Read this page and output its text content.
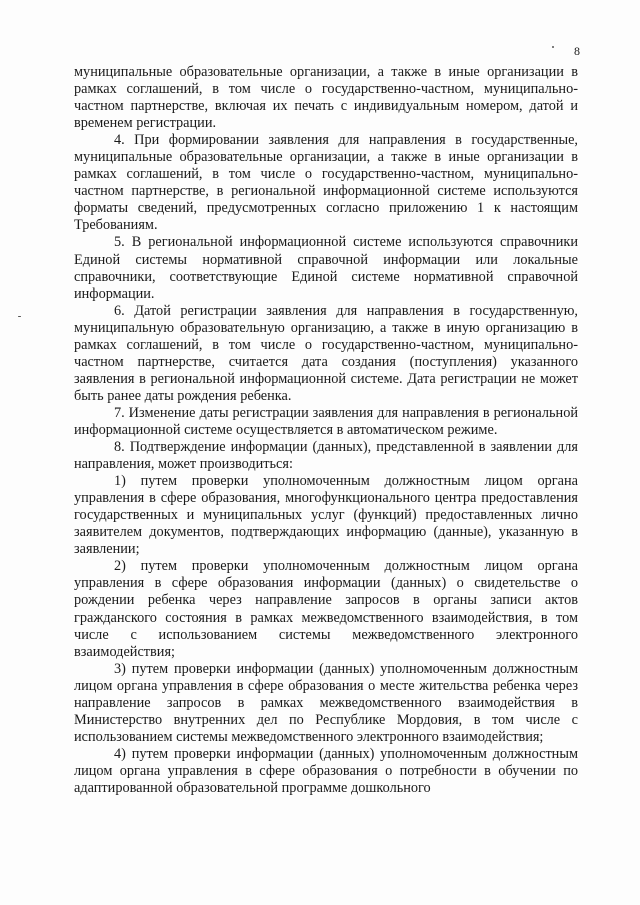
8

муниципальные образовательные организации, а также в иные организации в рамках соглашений, в том числе о государственно-частном, муниципально-частном партнерстве, включая их печать с индивидуальным номером, датой и временем регистрации.

4. При формировании заявления для направления в государственные, муниципальные образовательные организации, а также в иные организации в рамках соглашений, в том числе о государственно-частном, муниципально-частном партнерстве, в региональной информационной системе используются форматы сведений, предусмотренных согласно приложению 1 к настоящим Требованиям.

5. В региональной информационной системе используются справочники Единой системы нормативной справочной информации или локальные справочники, соответствующие Единой системе нормативной справочной информации.

6. Датой регистрации заявления для направления в государственную, муниципальную образовательную организацию, а также в иную организацию в рамках соглашений, в том числе о государственно-частном, муниципально-частном партнерстве, считается дата создания (поступления) указанного заявления в региональной информационной системе. Дата регистрации не может быть ранее даты рождения ребенка.

7. Изменение даты регистрации заявления для направления в региональной информационной системе осуществляется в автоматическом режиме.

8. Подтверждение информации (данных), представленной в заявлении для направления, может производиться:

1) путем проверки уполномоченным должностным лицом органа управления в сфере образования, многофункционального центра предоставления государственных и муниципальных услуг (функций) предоставленных лично заявителем документов, подтверждающих информацию (данные), указанную в заявлении;

2) путем проверки уполномоченным должностным лицом органа управления в сфере образования информации (данных) о свидетельстве о рождении ребенка через направление запросов в органы записи актов гражданского состояния в рамках межведомственного взаимодействия, в том числе с использованием системы межведомственного электронного взаимодействия;

3) путем проверки информации (данных) уполномоченным должностным лицом органа управления в сфере образования о месте жительства ребенка через направление запросов в рамках межведомственного взаимодействия в Министерство внутренних дел по Республике Мордовия, в том числе с использованием системы межведомственного электронного взаимодействия;

4) путем проверки информации (данных) уполномоченным должностным лицом органа управления в сфере образования о потребности в обучении по адаптированной образовательной программе дошкольного
